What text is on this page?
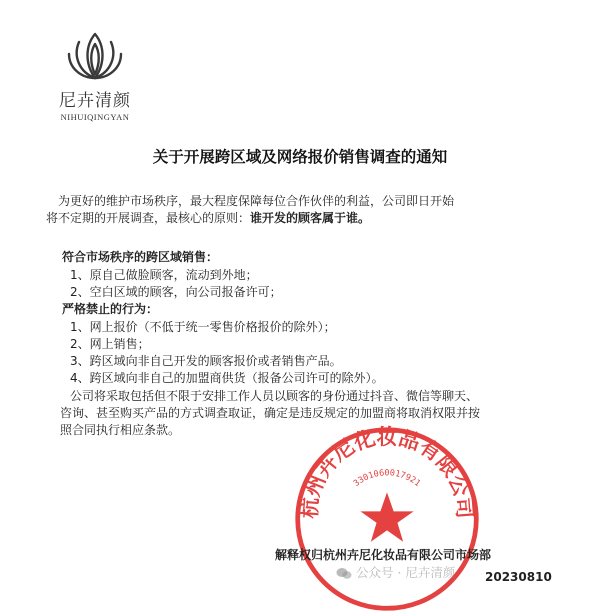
尼卉清颜
NIHUIQINGYAN
关于开展跨区域及网络报价销售调查的通知
为更好的维护市场秩序，最大程度保障每位合作伙伴的利益，公司即日开始
将不定期的开展调查，最核心的原则：谁开发的顾客属于谁。
符合市场秩序的跨区域销售：
1、原自己做脸顾客，流动到外地；
2、空白区域的顾客，向公司报备许可；
严格禁止的行为：
1、网上报价（不低于统一零售价格报价的除外）；
2、网上销售；
3、跨区域向非自己开发的顾客报价或者销售产品。
4、跨区域向非自己的加盟商供货（报备公司许可的除外）。
公司将采取包括但不限于安排工作人员以顾客的身份通过抖音、微信等聊天、
咨询、甚至购买产品的方式调查取证，确定是违反规定的加盟商将取消权限并按
照合同执行相应条款。
杭州卉尼化妆品有限公司
3301060017921
公众号 · 尼卉清颜
解释权归杭州卉尼化妆品有限公司市场部
20230810
